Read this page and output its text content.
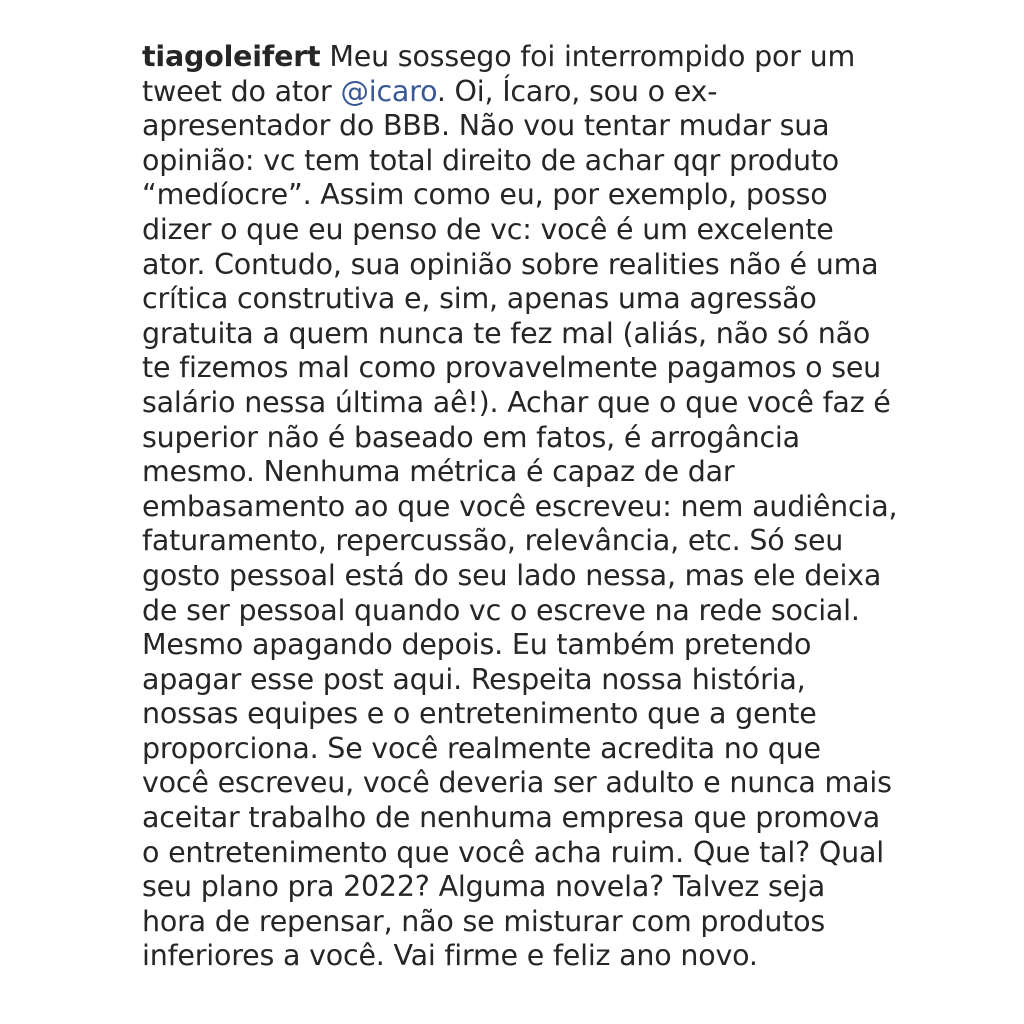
tiagoleifert Meu sossego foi interrompido por um
tweet do ator @icaro. Oi, Ícaro, sou o ex-
apresentador do BBB. Não vou tentar mudar sua
opinião: vc tem total direito de achar qqr produto
“medíocre”. Assim como eu, por exemplo, posso
dizer o que eu penso de vc: você é um excelente
ator. Contudo, sua opinião sobre realities não é uma
crítica construtiva e, sim, apenas uma agressão
gratuita a quem nunca te fez mal (aliás, não só não
te fizemos mal como provavelmente pagamos o seu
salário nessa última aê!). Achar que o que você faz é
superior não é baseado em fatos, é arrogância
mesmo. Nenhuma métrica é capaz de dar
embasamento ao que você escreveu: nem audiência,
faturamento, repercussão, relevância, etc. Só seu
gosto pessoal está do seu lado nessa, mas ele deixa
de ser pessoal quando vc o escreve na rede social.
Mesmo apagando depois. Eu também pretendo
apagar esse post aqui. Respeita nossa história,
nossas equipes e o entretenimento que a gente
proporciona. Se você realmente acredita no que
você escreveu, você deveria ser adulto e nunca mais
aceitar trabalho de nenhuma empresa que promova
o entretenimento que você acha ruim. Que tal? Qual
seu plano pra 2022? Alguma novela? Talvez seja
hora de repensar, não se misturar com produtos
inferiores a você. Vai firme e feliz ano novo.
